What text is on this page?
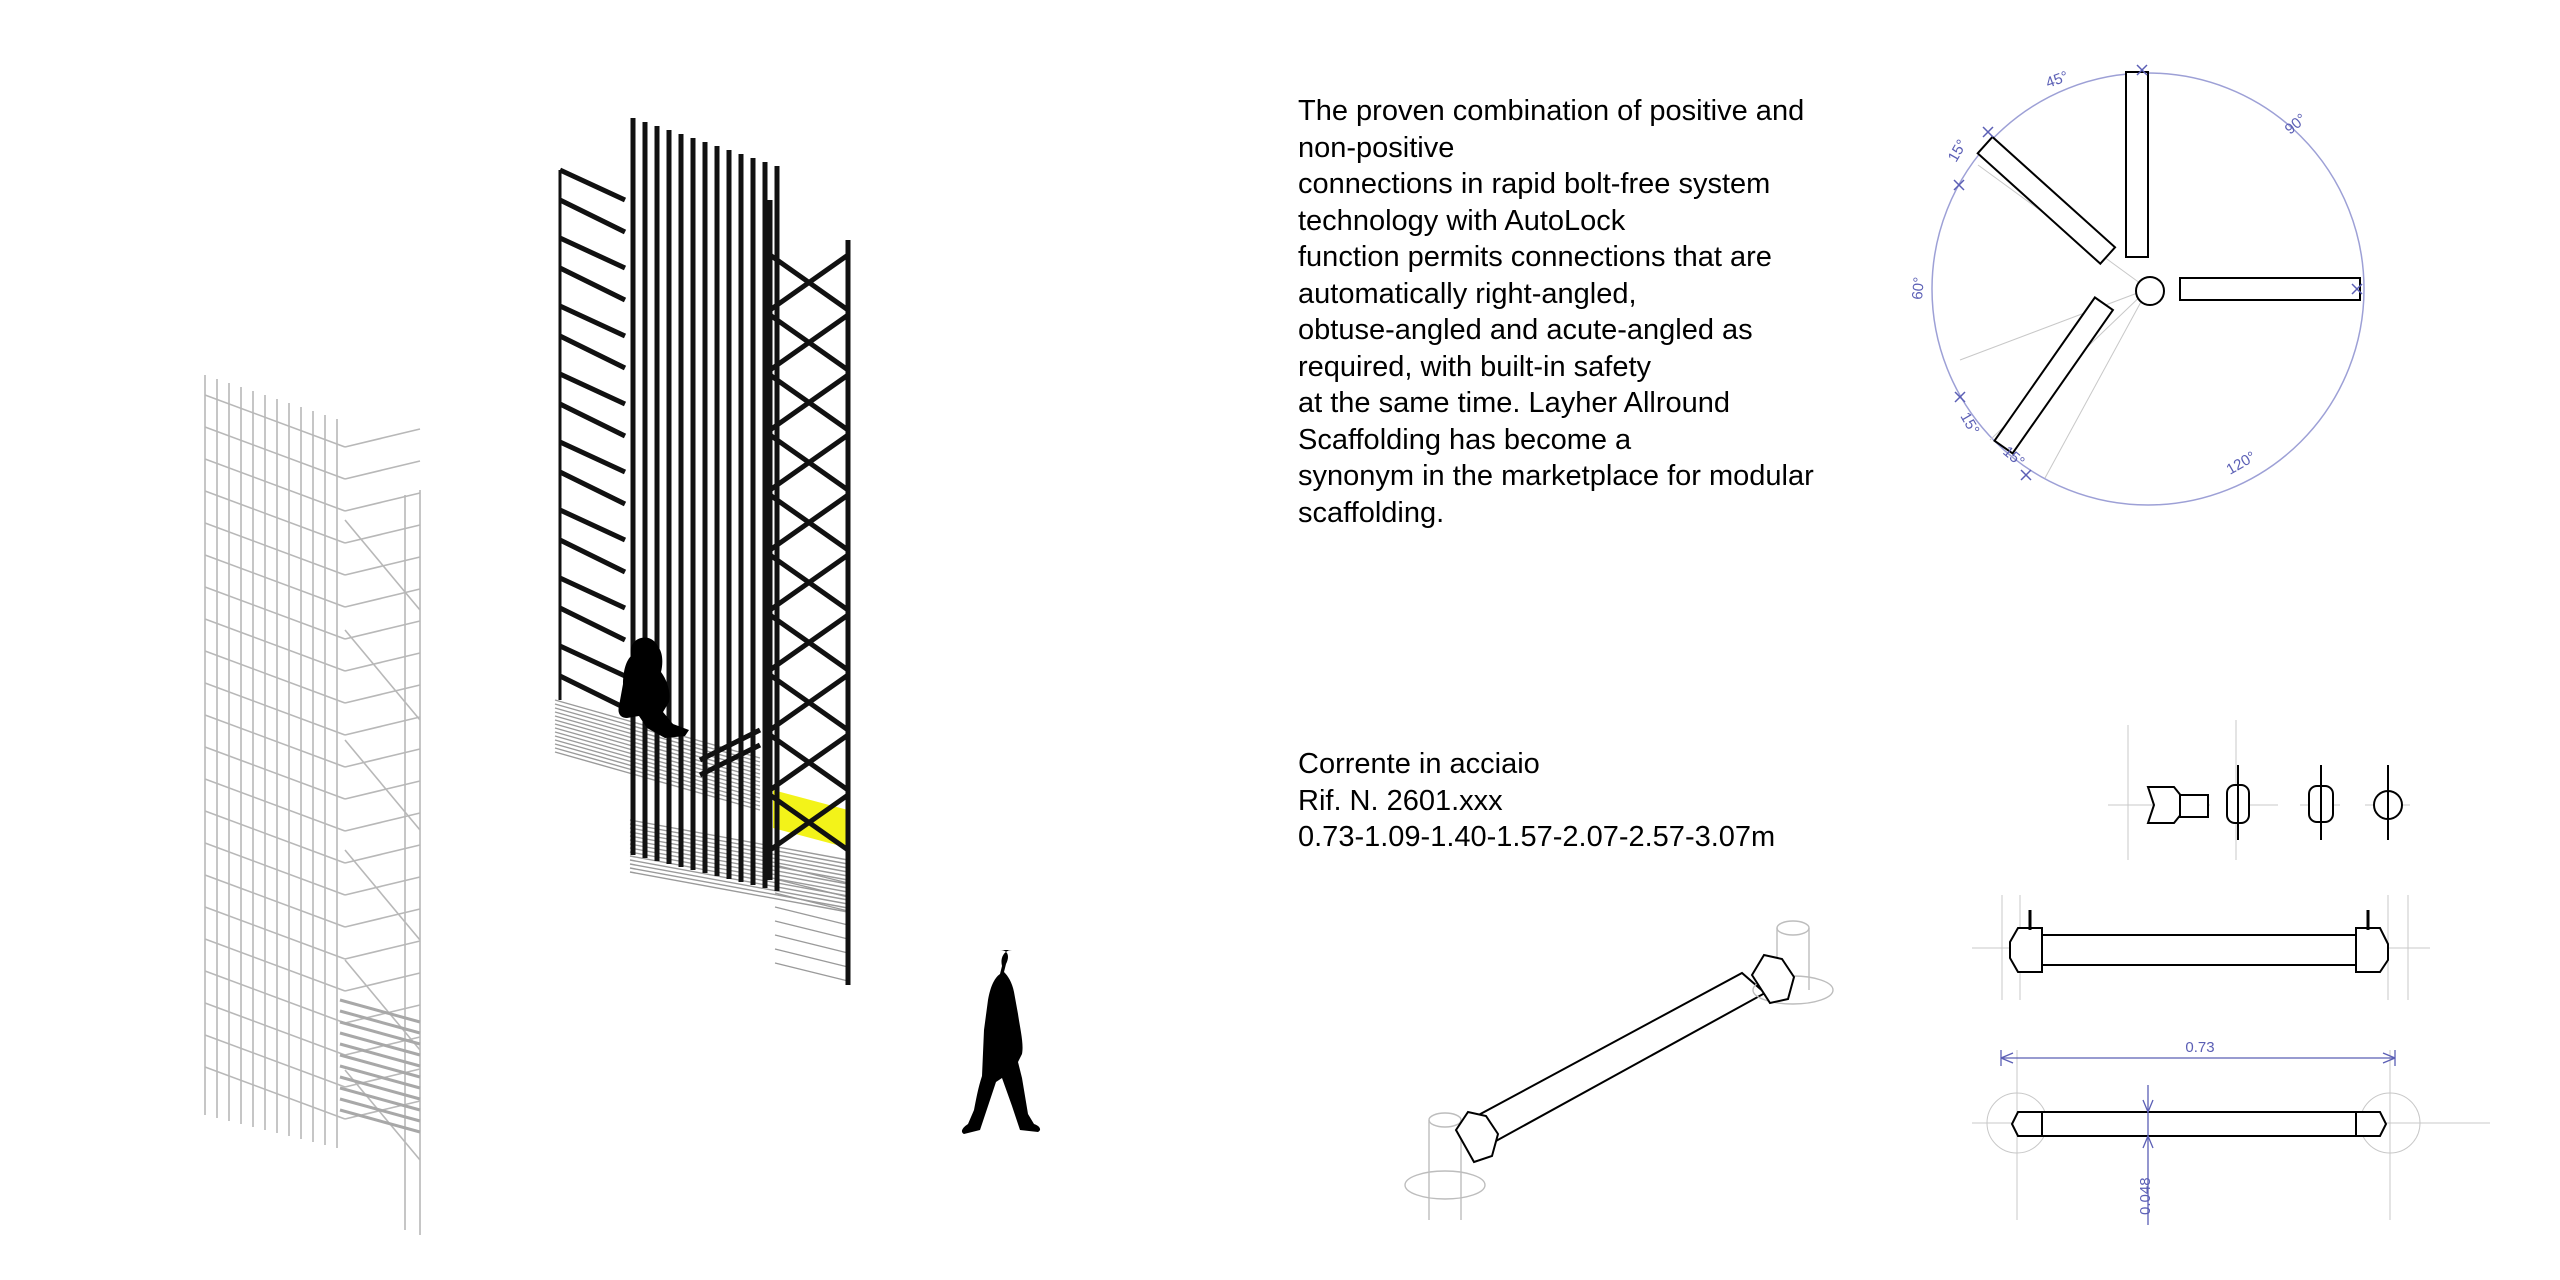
45°
90°
15°
60°
15°
15°	120°
0.73
0.048
The proven combination of positive and
non-positive
connections in rapid bolt-free system
technology with AutoLock
function permits connections that are
automatically right-angled,
obtuse-angled and acute-angled as
required, with built-in safety
at the same time. Layher Allround
Scaffolding has become a
synonym in the marketplace for modular
scaffolding.
Corrente in acciaio
Rif. N. 2601.xxx
0.73-1.09-1.40-1.57-2.07-2.57-3.07m
